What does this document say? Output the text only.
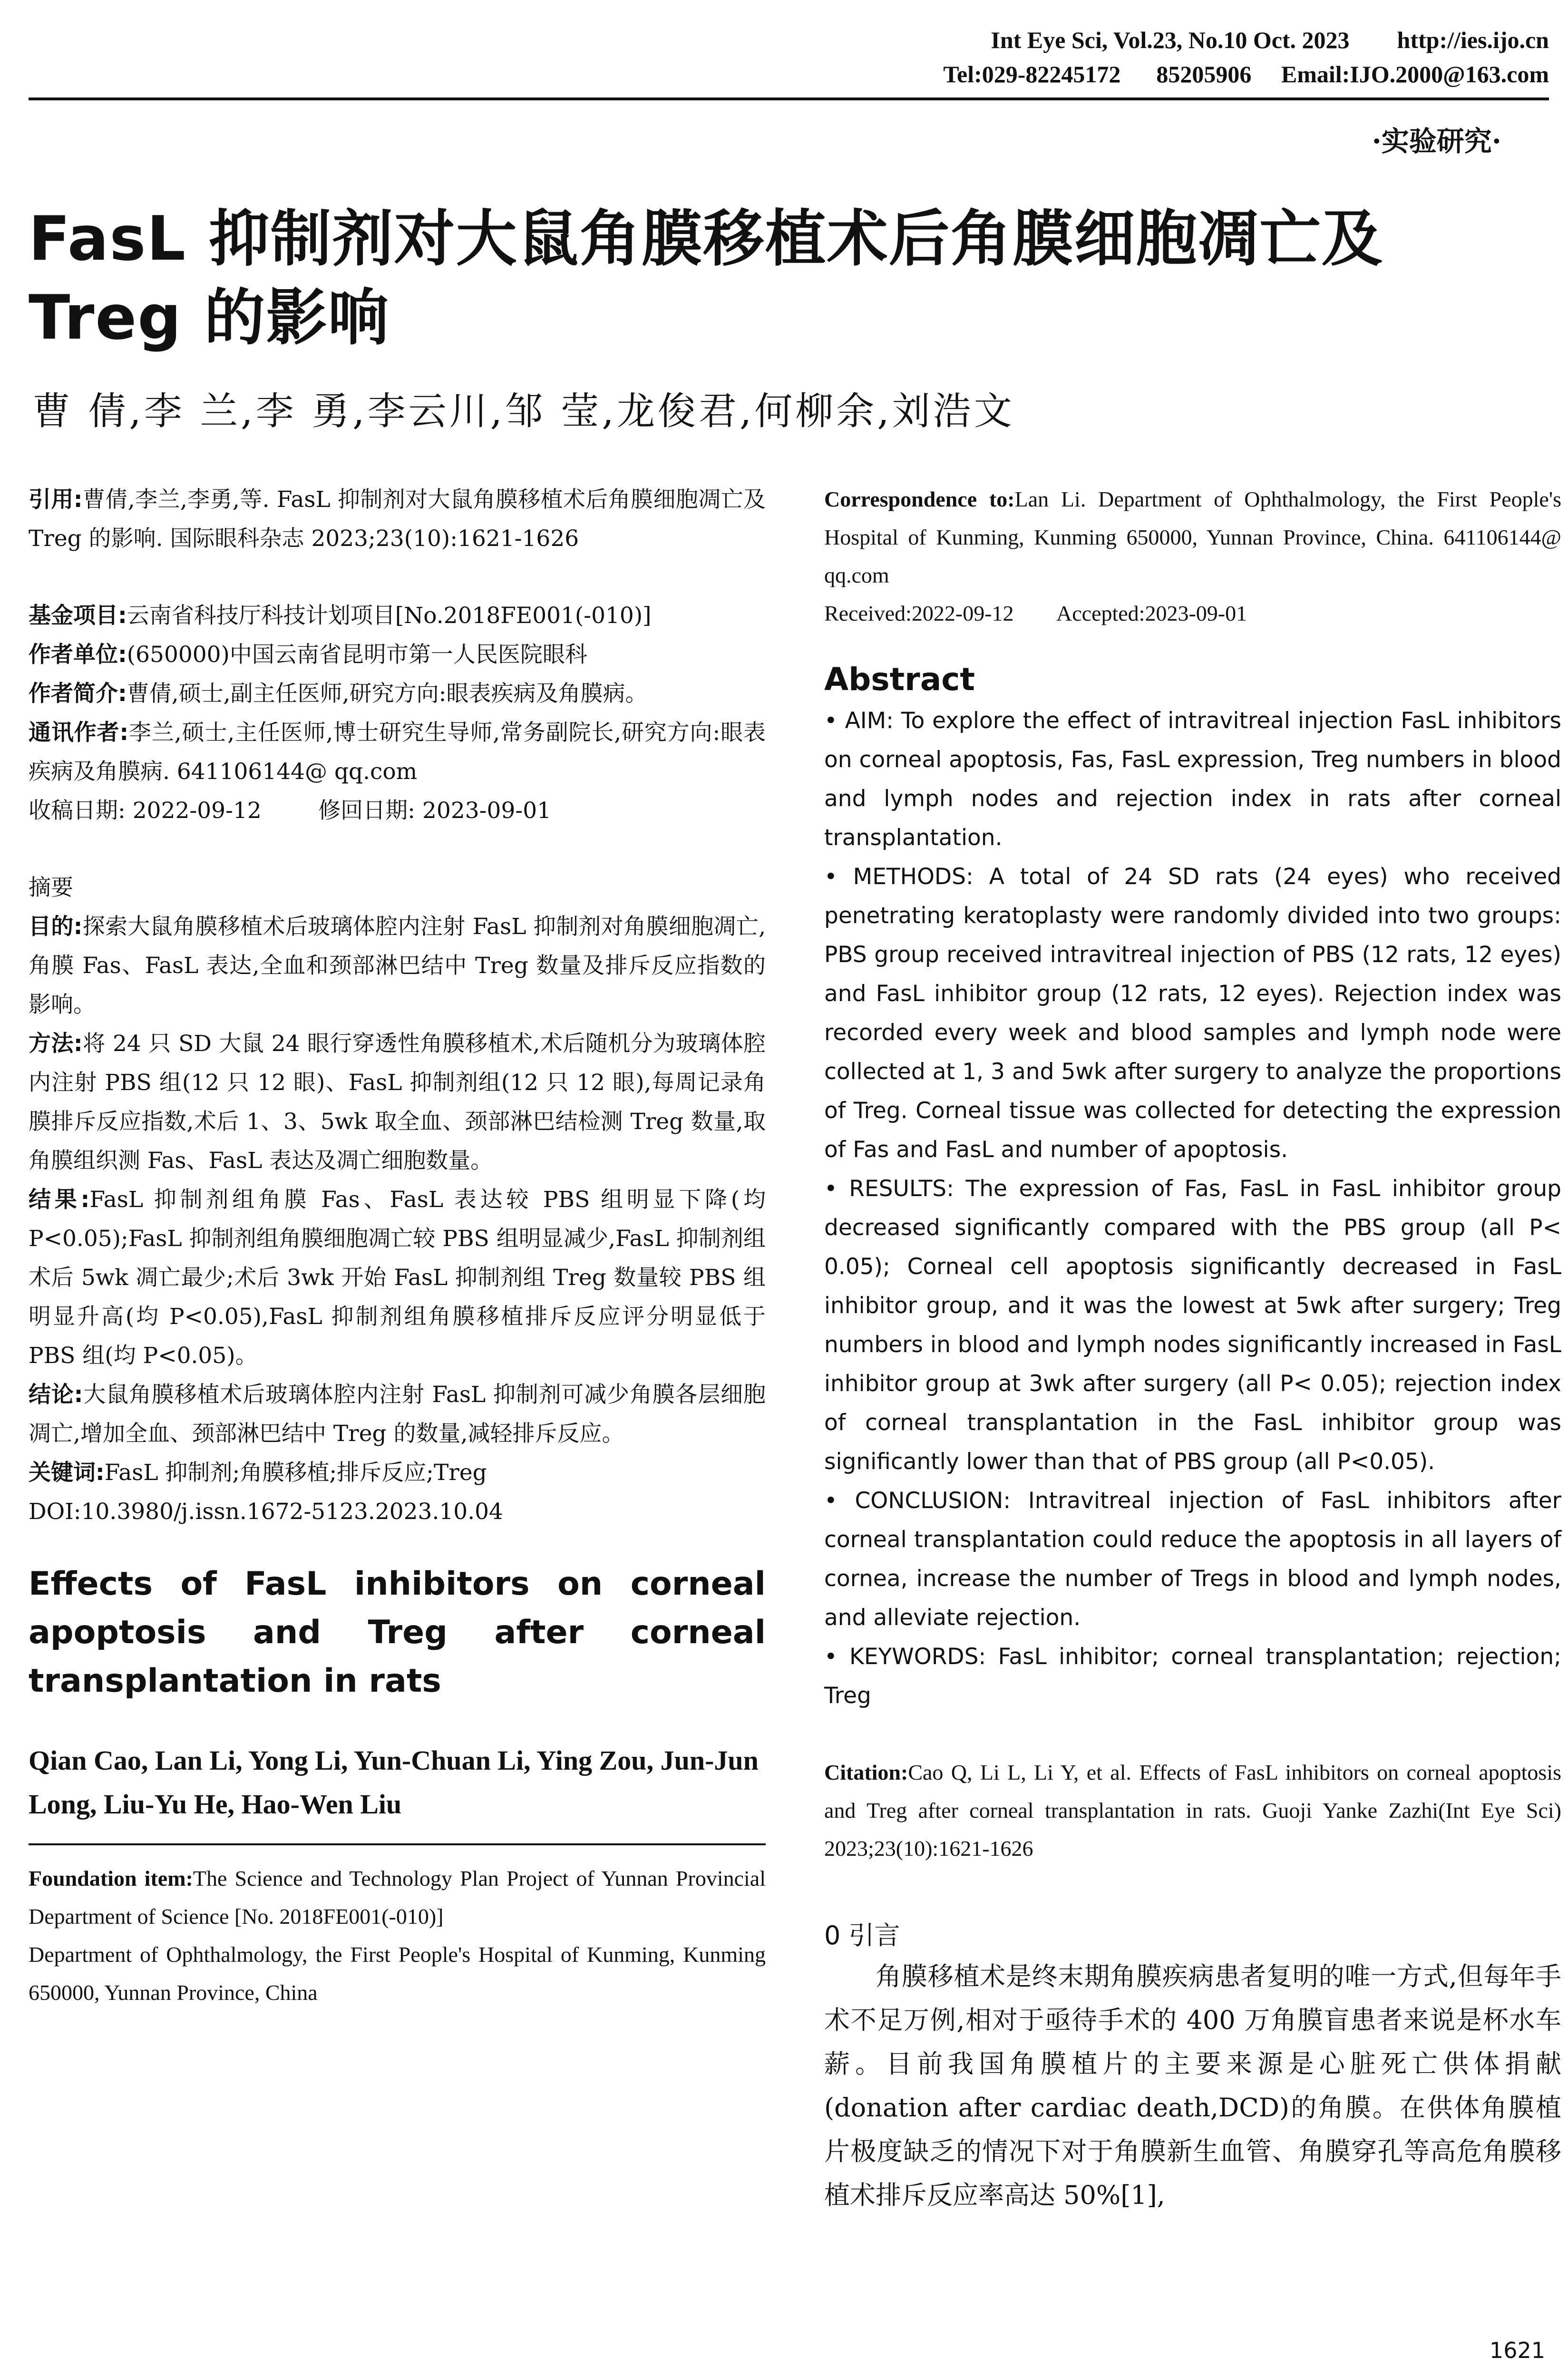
Int Eye Sci, Vol.23, No.10 Oct. 2023        http://ies.ijo.cn
Tel:029-82245172      85205906     Email:IJO.2000@163.com
·实验研究·
FasL 抑制剂对大鼠角膜移植术后角膜细胞凋亡及 Treg 的影响
曹 倩,李 兰,李 勇,李云川,邹 莹,龙俊君,何柳余,刘浩文

引用:曹倩,李兰,李勇,等. FasL 抑制剂对大鼠角膜移植术后角膜细胞凋亡及 Treg 的影响. 国际眼科杂志 2023;23(10):1621-1626

基金项目:云南省科技厅科技计划项目[No.2018FE001(-010)]

作者单位:(650000)中国云南省昆明市第一人民医院眼科

作者简介:曹倩,硕士,副主任医师,研究方向:眼表疾病及角膜病。

通讯作者:李兰,硕士,主任医师,博士研究生导师,常务副院长,研究方向:眼表疾病及角膜病. 641106144@ qq.com

收稿日期: 2022-09-12        修回日期: 2023-09-01

摘要

目的:探索大鼠角膜移植术后玻璃体腔内注射 FasL 抑制剂对角膜细胞凋亡,角膜 Fas、FasL 表达,全血和颈部淋巴结中 Treg 数量及排斥反应指数的影响。

方法:将 24 只 SD 大鼠 24 眼行穿透性角膜移植术,术后随机分为玻璃体腔内注射 PBS 组(12 只 12 眼)、FasL 抑制剂组(12 只 12 眼),每周记录角膜排斥反应指数,术后 1、3、5wk 取全血、颈部淋巴结检测 Treg 数量,取角膜组织测 Fas、FasL 表达及凋亡细胞数量。

结果:FasL 抑制剂组角膜 Fas、FasL 表达较 PBS 组明显下降(均 P<0.05);FasL 抑制剂组角膜细胞凋亡较 PBS 组明显减少,FasL 抑制剂组术后 5wk 凋亡最少;术后 3wk 开始 FasL 抑制剂组 Treg 数量较 PBS 组明显升高(均 P<0.05),FasL 抑制剂组角膜移植排斥反应评分明显低于 PBS 组(均 P<0.05)。

结论:大鼠角膜移植术后玻璃体腔内注射 FasL 抑制剂可减少角膜各层细胞凋亡,增加全血、颈部淋巴结中 Treg 的数量,减轻排斥反应。

关键词:FasL 抑制剂;角膜移植;排斥反应;Treg

DOI:10.3980/j.issn.1672-5123.2023.10.04

Effects of FasL inhibitors on corneal apoptosis and Treg after corneal transplantation in rats
Qian Cao, Lan Li, Yong Li, Yun-Chuan Li, Ying Zou, Jun-Jun Long, Liu-Yu He, Hao-Wen Liu

Foundation item:The Science and Technology Plan Project of Yunnan Provincial Department of Science [No. 2018FE001(-010)]

Department of Ophthalmology, the First People's Hospital of Kunming, Kunming 650000, Yunnan Province, China

Correspondence to:Lan Li. Department of Ophthalmology, the First People's Hospital of Kunming, Kunming 650000, Yunnan Province, China. 641106144@ qq.com

Received:2022-09-12        Accepted:2023-09-01

Abstract

• AIM: To explore the effect of intravitreal injection FasL inhibitors on corneal apoptosis, Fas, FasL expression, Treg numbers in blood and lymph nodes and rejection index in rats after corneal transplantation.

• METHODS: A total of 24 SD rats (24 eyes) who received penetrating keratoplasty were randomly divided into two groups: PBS group received intravitreal injection of PBS (12 rats, 12 eyes) and FasL inhibitor group (12 rats, 12 eyes). Rejection index was recorded every week and blood samples and lymph node were collected at 1, 3 and 5wk after surgery to analyze the proportions of Treg. Corneal tissue was collected for detecting the expression of Fas and FasL and number of apoptosis.

• RESULTS: The expression of Fas, FasL in FasL inhibitor group decreased significantly compared with the PBS group (all P< 0.05); Corneal cell apoptosis significantly decreased in FasL inhibitor group, and it was the lowest at 5wk after surgery; Treg numbers in blood and lymph nodes significantly increased in FasL inhibitor group at 3wk after surgery (all P< 0.05); rejection index of corneal transplantation in the FasL inhibitor group was significantly lower than that of PBS group (all P<0.05).

• CONCLUSION: Intravitreal injection of FasL inhibitors after corneal transplantation could reduce the apoptosis in all layers of cornea, increase the number of Tregs in blood and lymph nodes, and alleviate rejection.

• KEYWORDS: FasL inhibitor; corneal transplantation; rejection; Treg

Citation:Cao Q, Li L, Li Y, et al. Effects of FasL inhibitors on corneal apoptosis and Treg after corneal transplantation in rats. Guoji Yanke Zazhi(Int Eye Sci) 2023;23(10):1621-1626

0 引言

角膜移植术是终末期角膜疾病患者复明的唯一方式,但每年手术不足万例,相对于亟待手术的 400 万角膜盲患者来说是杯水车薪。目前我国角膜植片的主要来源是心脏死亡供体捐献(donation after cardiac death,DCD)的角膜。在供体角膜植片极度缺乏的情况下对于角膜新生血管、角膜穿孔等高危角膜移植术排斥反应率高达 50%[1],

1621
